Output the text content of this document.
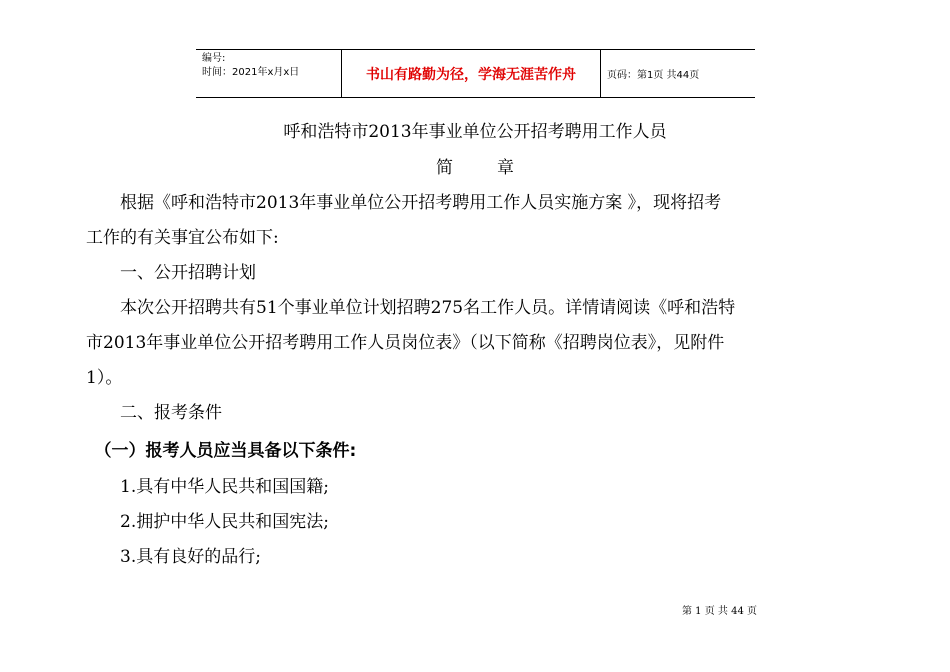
编号:
时间：2021年x月x日	书山有路勤为径，学海无涯苦作舟	页码：第1页 共44页
呼和浩特市2013年事业单位公开招考聘用工作人员
简章
　　根据《呼和浩特市2013年事业单位公开招考聘用工作人员实施方案 》，现将招考
工作的有关事宜公布如下:
　　一、公开招聘计划
　　本次公开招聘共有51个事业单位计划招聘275名工作人员。详情请阅读《呼和浩特
市2013年事业单位公开招考聘用工作人员岗位表》（以下简称《招聘岗位表》，见附件
1）。
　　二、报考条件
　（一）报考人员应当具备以下条件:
　　1.具有中华人民共和国国籍;
　　2.拥护中华人民共和国宪法;
　　3.具有良好的品行;
第 1 页 共 44 页
